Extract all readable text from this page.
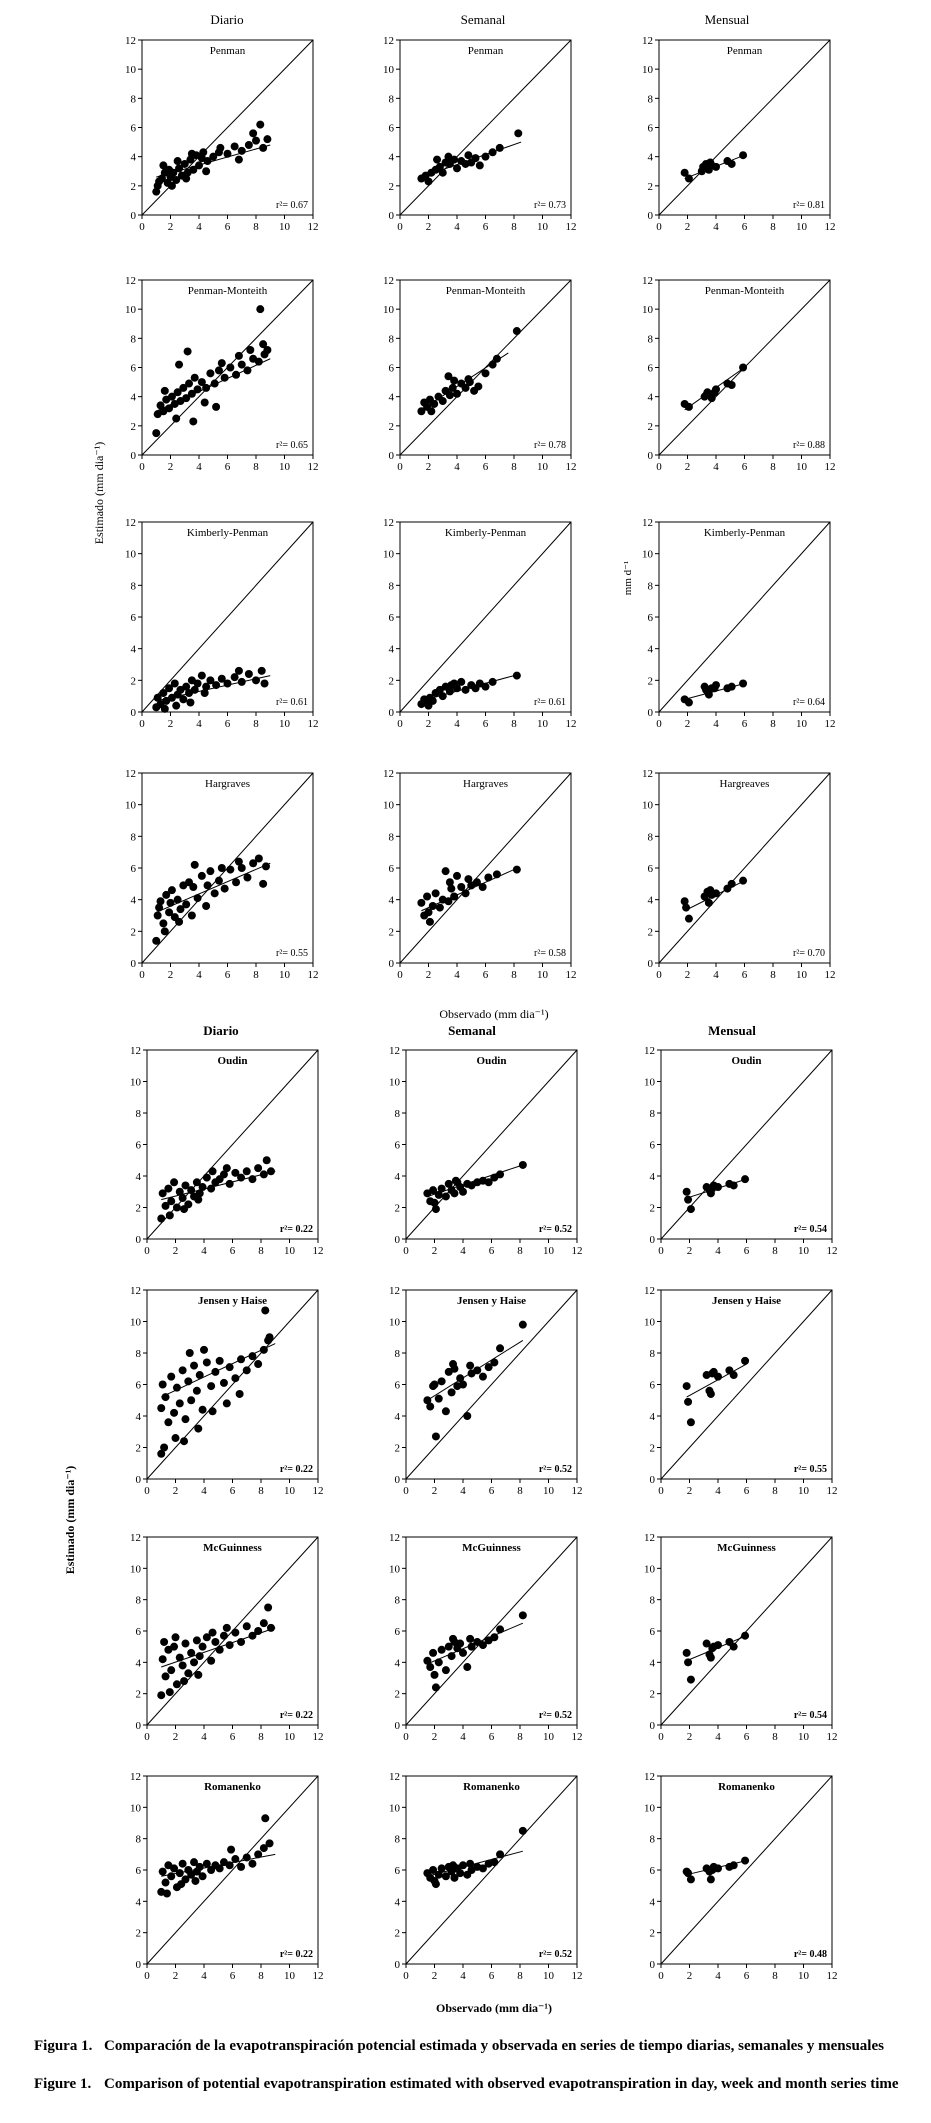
0
0
2
2
4
4
6
6
8
8
10
10
12
12
Penman
r²= 0.67
0
0
2
2
4
4
6
6
8
8
10
10
12
12
Penman
r²= 0.73
0
0
2
2
4
4
6
6
8
8
10
10
12
12
Penman
r²= 0.81
0
0
2
2
4
4
6
6
8
8
10
10
12
12
Penman-Monteith
r²= 0.65
0
0
2
2
4
4
6
6
8
8
10
10
12
12
Penman-Monteith
r²= 0.78
0
0
2
2
4
4
6
6
8
8
10
10
12
12
Penman-Monteith
r²= 0.88
0
0
2
2
4
4
6
6
8
8
10
10
12
12
Kimberly-Penman
r²= 0.61
0
0
2
2
4
4
6
6
8
8
10
10
12
12
Kimberly-Penman
r²= 0.61
0
0
2
2
4
4
6
6
8
8
10
10
12
12
Kimberly-Penman
r²= 0.64
0
0
2
2
4
4
6
6
8
8
10
10
12
12
Hargraves
r²= 0.55
0
0
2
2
4
4
6
6
8
8
10
10
12
12
Hargraves
r²= 0.58
0
0
2
2
4
4
6
6
8
8
10
10
12
12
Hargreaves
r²= 0.70
0
0
2
2
4
4
6
6
8
8
10
10
12
12
Oudin
r²= 0.22
0
0
2
2
4
4
6
6
8
8
10
10
12
12
Oudin
r²= 0.52
0
0
2
2
4
4
6
6
8
8
10
10
12
12
Oudin
r²= 0.54
0
0
2
2
4
4
6
6
8
8
10
10
12
12
Jensen y Haise
r²= 0.22
0
0
2
2
4
4
6
6
8
8
10
10
12
12
Jensen y Haise
r²= 0.52
0
0
2
2
4
4
6
6
8
8
10
10
12
12
Jensen y Haise
r²= 0.55
0
0
2
2
4
4
6
6
8
8
10
10
12
12
McGuinness
r²= 0.22
0
0
2
2
4
4
6
6
8
8
10
10
12
12
McGuinness
r²= 0.52
0
0
2
2
4
4
6
6
8
8
10
10
12
12
McGuinness
r²= 0.54
0
0
2
2
4
4
6
6
8
8
10
10
12
12
Romanenko
r²= 0.22
0
0
2
2
4
4
6
6
8
8
10
10
12
12
Romanenko
r²= 0.52
0
0
2
2
4
4
6
6
8
8
10
10
12
12
Romanenko
r²= 0.48
Diario	Semanal	Mensual
Diario	Semanal	Mensual
Estimado (mm dia⁻¹)
Observado (mm dia⁻¹)
Estimado (mm dia⁻¹)
Observado (mm dia⁻¹)
mm d⁻¹
Figura 1. Comparación de la evapotranspiración potencial estimada y observada en series de tiempo diarias, semanales y mensuales
Figure 1. Comparison of potential evapotranspiration estimated with observed evapotranspiration in day, week and month series time
